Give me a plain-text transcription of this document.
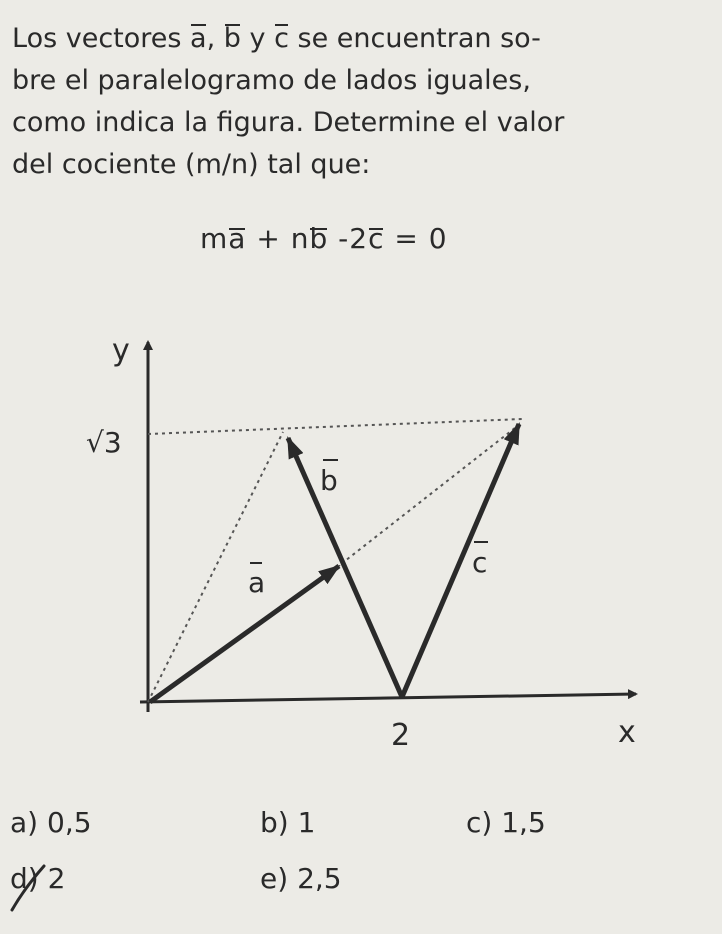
Los vectores a, b y c se encuentran so-
bre el paralelogramo de lados iguales,
como indica la figura. Determine el valor
del cociente (m/n) tal que:
ma + nb -2c = 0
y
x
√3
2
a
b
c
a) 0,5	b) 1	c) 1,5
d) 2	e) 2,5
